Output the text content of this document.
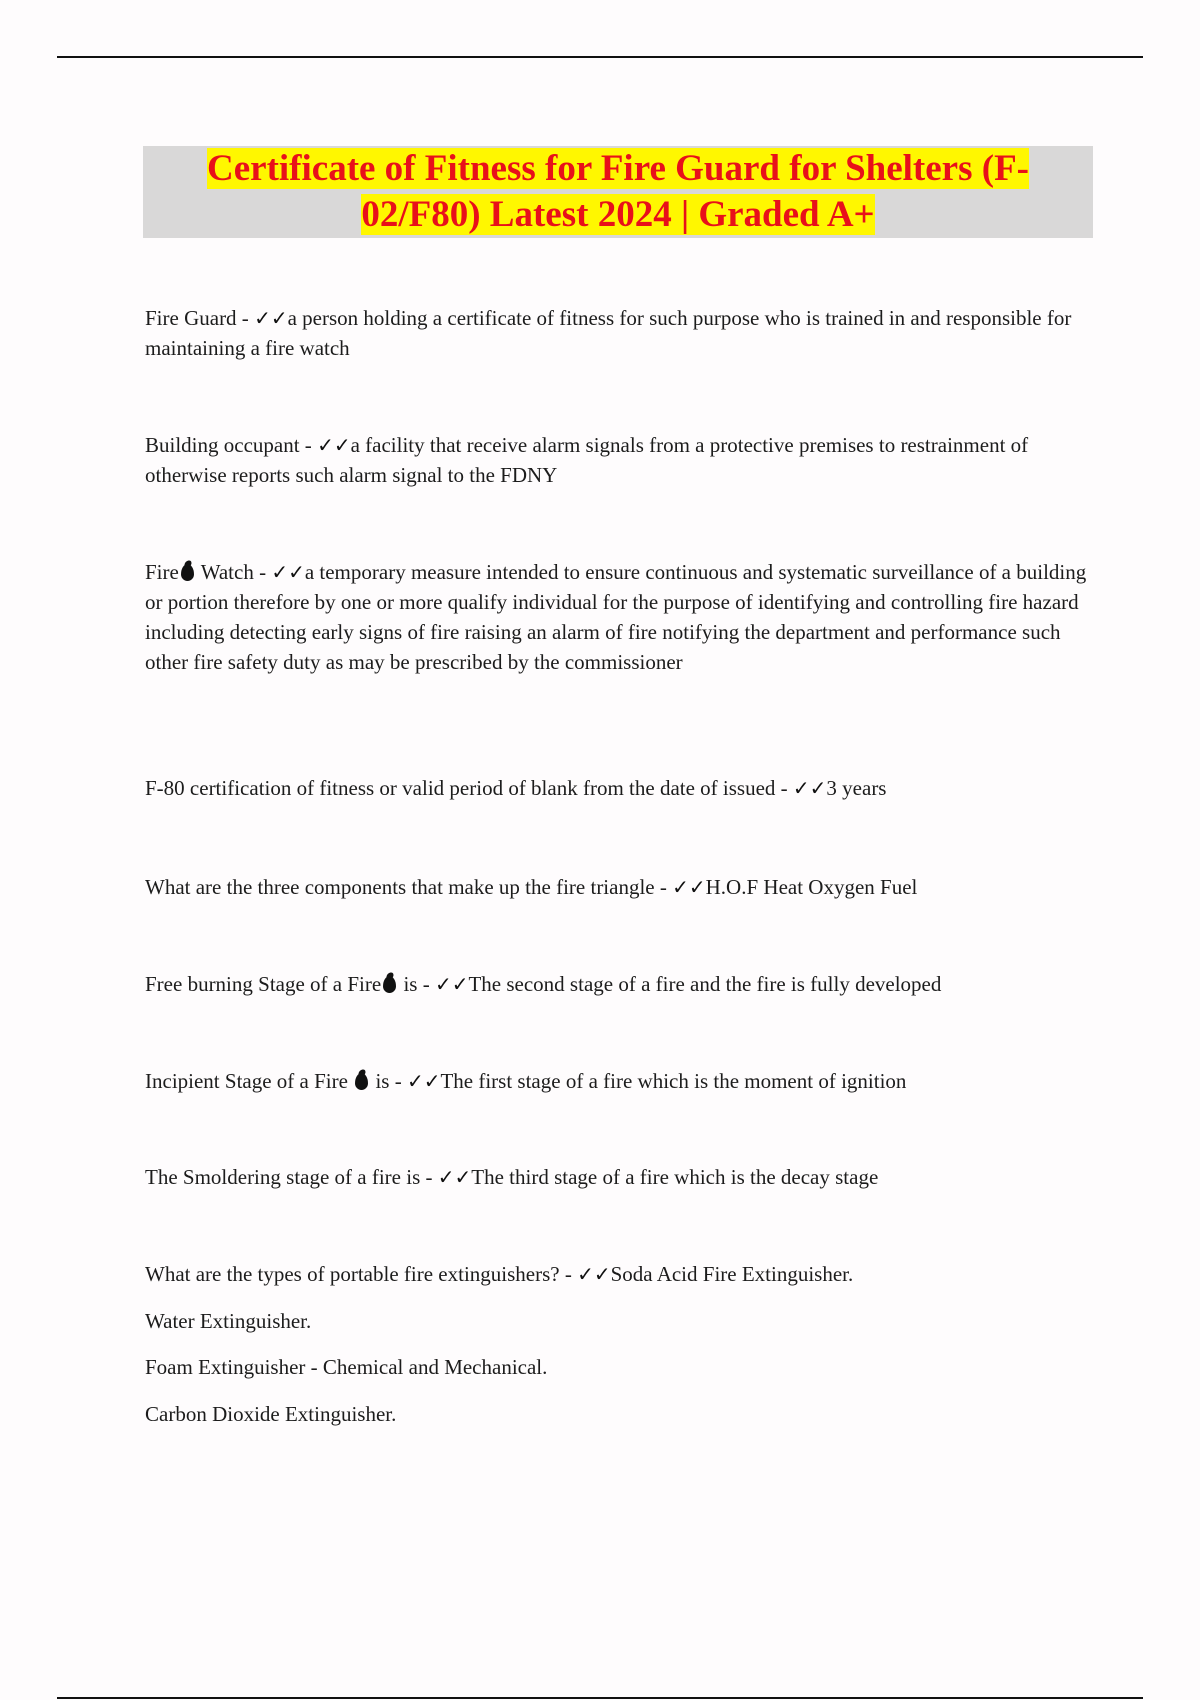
Certificate of Fitness for Fire Guard for Shelters (F-
02/F80) Latest 2024 | Graded A+

Fire Guard - ✓✓a person holding a certificate of fitness for such purpose who is trained in and responsible for maintaining a fire watch

Building occupant - ✓✓a facility that receive alarm signals from a protective premises to restrainment of otherwise reports such alarm signal to the FDNY

Fire Watch - ✓✓a temporary measure intended to ensure continuous and systematic surveillance of a building or portion therefore by one or more qualify individual for the purpose of identifying and controlling fire hazard including detecting early signs of fire raising an alarm of fire notifying the department and performance such other fire safety duty as may be prescribed by the commissioner

F-80 certification of fitness or valid period of blank from the date of issued - ✓✓3 years

What are the three components that make up the fire triangle - ✓✓H.O.F Heat Oxygen Fuel

Free burning Stage of a Fire is - ✓✓The second stage of a fire and the fire is fully developed

Incipient Stage of a Fire  is - ✓✓The first stage of a fire which is the moment of ignition

The Smoldering stage of a fire is - ✓✓The third stage of a fire which is the decay stage

What are the types of portable fire extinguishers? - ✓✓Soda Acid Fire Extinguisher.

Water Extinguisher.
Foam Extinguisher - Chemical and Mechanical.
Carbon Dioxide Extinguisher.
